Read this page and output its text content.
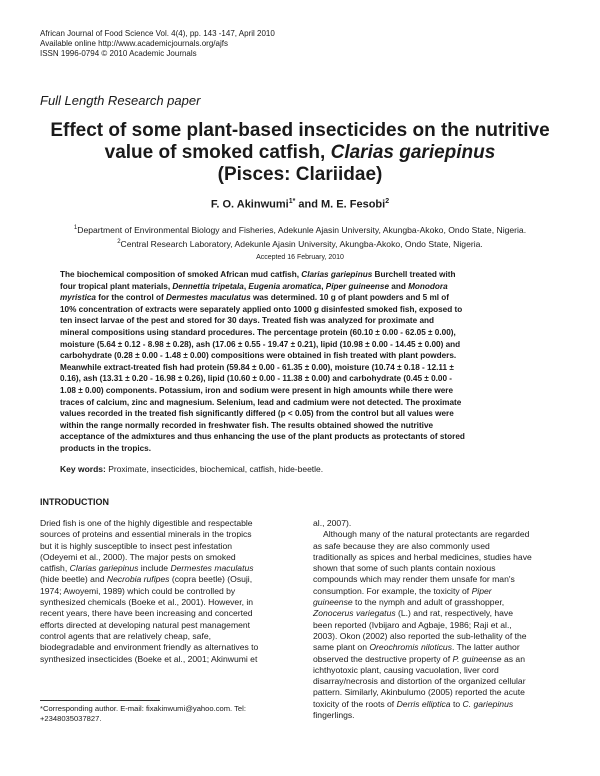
African Journal of Food Science Vol. 4(4), pp. 143 -147, April 2010
Available online http://www.academicjournals.org/ajfs
ISSN 1996-0794 © 2010 Academic Journals
Full Length Research paper
Effect of some plant-based insecticides on the nutritive
value of smoked catfish, Clarias gariepinus
(Pisces: Clariidae)
F. O. Akinwumi$^{1*}$ and M. E. Fesobi$^2$
$^1$Department of Environmental Biology and Fisheries, Adekunle Ajasin University, Akungba-Akoko, Ondo State, Nigeria.
$^2$Central Research Laboratory, Adekunle Ajasin University, Akungba-Akoko, Ondo State, Nigeria.
Accepted 16 February, 2010
The biochemical composition of smoked African mud catfish, Clarias gariepinus Burchell treated with
four tropical plant materials, Dennettia tripetala, Eugenia aromatica, Piper guineense and Monodora
myristica for the control of Dermestes maculatus was determined. 10 g of plant powders and 5 ml of
10% concentration of extracts were separately applied onto 1000 g disinfested smoked fish, exposed to
ten insect larvae of the pest and stored for 30 days. Treated fish was analyzed for proximate and
mineral compositions using standard procedures. The percentage protein (60.10 ± 0.00 - 62.05 ± 0.00),
moisture (5.64 ± 0.12 - 8.98 ± 0.28), ash (17.06 ± 0.55 - 19.47 ± 0.21), lipid (10.98 ± 0.00 - 14.45 ± 0.00) and
carbohydrate (0.28 ± 0.00 - 1.48 ± 0.00) compositions were obtained in fish treated with plant powders.
Meanwhile extract-treated fish had protein (59.84 ± 0.00 - 61.35 ± 0.00), moisture (10.74 ± 0.18 - 12.11 ±
0.16), ash (13.31 ± 0.20 - 16.98 ± 0.26), lipid (10.60 ± 0.00 - 11.38 ± 0.00) and carbohydrate (0.45 ± 0.00 -
1.08 ± 0.00) components. Potassium, iron and sodium were present in high amounts while there were
traces of calcium, zinc and magnesium. Selenium, lead and cadmium were not detected. The proximate
values recorded in the treated fish significantly differed (p < 0.05) from the control but all values were
within the range normally recorded in freshwater fish. The results obtained showed the nutritive
acceptance of the admixtures and thus enhancing the use of the plant products as protectants of stored
products in the tropics.
Key words: Proximate, insecticides, biochemical, catfish, hide-beetle.
INTRODUCTION
Dried fish is one of the highly digestible and respectable
sources of proteins and essential minerals in the tropics
but it is highly susceptible to insect pest infestation
(Odeyemi et al., 2000). The major pests on smoked
catfish, Clarias gariepinus include Dermestes maculatus
(hide beetle) and Necrobia rufipes (copra beetle) (Osuji,
1974; Awoyemi, 1989) which could be controlled by
synthesized chemicals (Boeke et al., 2001). However, in
recent years, there have been increasing and concerted
efforts directed at developing natural pest management
control agents that are relatively cheap, safe,
biodegradable and environment friendly as alternatives to
synthesized insecticides (Boeke et al., 2001; Akinwumi et
al., 2007).
Although many of the natural protectants are regarded
as safe because they are also commonly used
traditionally as spices and herbal medicines, studies have
shown that some of such plants contain noxious
compounds which may render them unsafe for man's
consumption. For example, the toxicity of Piper
guineense to the nymph and adult of grasshopper,
Zonocerus variegatus (L.) and rat, respectively, have
been reported (Ivbijaro and Agbaje, 1986; Raji et al.,
2003). Okon (2002) also reported the sub-lethality of the
same plant on Oreochromis niloticus. The latter author
observed the destructive property of P. guineense as an
ichthyotoxic plant, causing vacuolation, liver cord
disarray/necrosis and distortion of the organized cellular
pattern. Similarly, Akinbulumo (2005) reported the acute
toxicity of the roots of Derris elliptica to C. gariepinus
fingerlings.
*Corresponding author. E-mail: fixakinwumi@yahoo.com. Tel:
+2348035037827.
